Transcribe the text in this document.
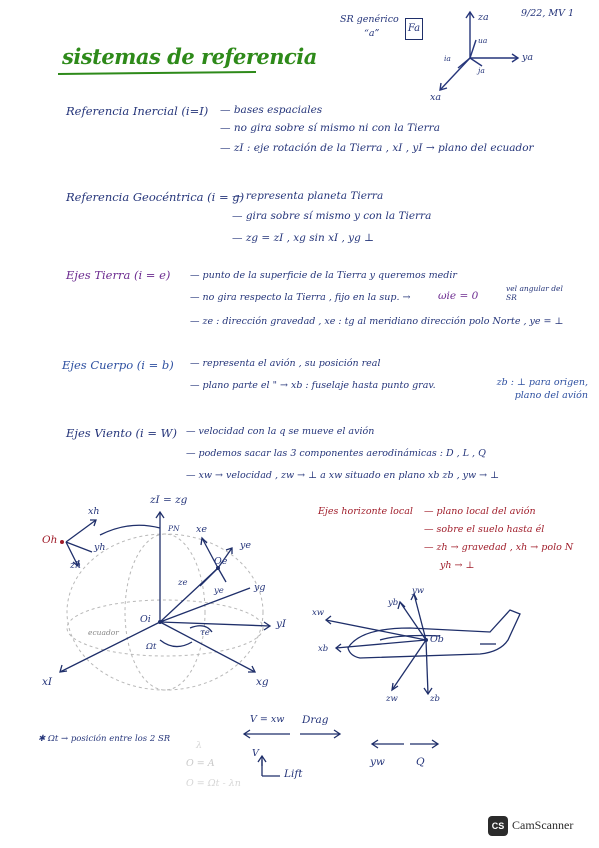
SR genérico
“a”	Fa
9/22, MV 1
za
ya
xa
ua
ia
ja
sistemas de referencia
Referencia Inercial (i=I) — bases espaciales
— no gira sobre sí mismo ni con la Tierra
— zI : eje rotación de la Tierra , xI , yI → plano del ecuador
Referencia Geocéntrica (i = g)
— representa planeta Tierra
— gira sobre sí mismo y con la Tierra
— zg = zI , xg sin xI , yg ⊥
Ejes Tierra (i = e) — punto de la superficie de la Tierra y queremos medir
— no gira respecto la Tierra , fijo en la sup. →	ωie = 0
vel angular del SR
— ze : dirección gravedad , xe : tg al meridiano dirección polo Norte , ye = ⊥
Ejes Cuerpo (i = b) — representa el avión , su posición real
— plano parte el " → xb : fuselaje hasta punto grav.	zb : ⊥ para origen, plano del avión
Ejes Viento (i = W) — velocidad con la q se mueve el avión
— podemos sacar las 3 componentes aerodinámicas : D , L , Q
— xw → velocidad , zw → ⊥ a xw situado en plano xb zb , yw → ⊥
Ejes horizonte local — plano local del avión
— sobre el suelo hasta él
— zh → gravedad , xh → polo N
yh → ⊥
zI = zg
xh
Oh
yh
zh
xe
ye
yg
yI
xI	xg
Oe
ze
ye
Oi
PN
ecuador	τe
Ωt
xw
yb
yw
xb
Ob
zw	zb
V = xw Drag
V
Lift
yw	Q
✱ Ωt → posición entre los 2 SR
O = A
λ
O = Ωt - λn
CS CamScanner
